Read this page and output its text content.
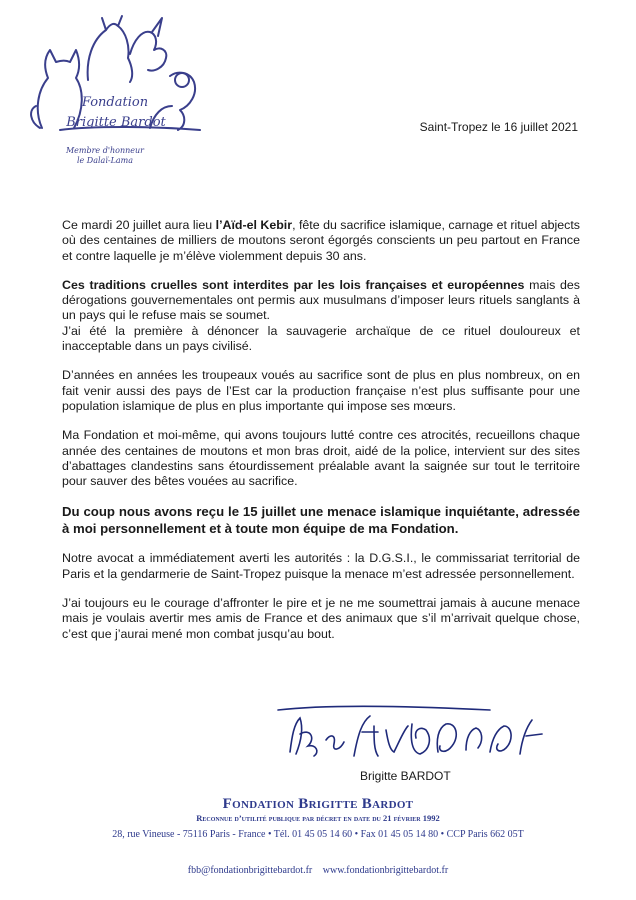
Fondation
Brigitte Bardot
Membre d'honneur
le Dalaï-Lama
Saint-Tropez le 16 juillet 2021

Ce mardi 20 juillet aura lieu l’Aïd-el Kebir, fête du sacrifice islamique, carnage et rituel abjects où des centaines de milliers de moutons seront égorgés conscients un peu partout en France et contre laquelle je m’élève violemment depuis 30 ans.

Ces traditions cruelles sont interdites par les lois françaises et européennes mais des dérogations gouvernementales ont permis aux musulmans d’imposer leurs rituels sanglants à un pays qui le refuse mais se soumet.

J’ai été la première à dénoncer la sauvagerie archaïque de ce rituel douloureux et inacceptable dans un pays civilisé.

D’années en années les troupeaux voués au sacrifice sont de plus en plus nombreux, on en fait venir aussi des pays de l’Est car la production française n’est plus suffisante pour une population islamique de plus en plus importante qui impose ses mœurs.

Ma Fondation et moi-même, qui avons toujours lutté contre ces atrocités, recueillons chaque année des centaines de moutons et mon bras droit, aidé de la police, intervient sur des sites d’abattages clandestins sans étourdissement préalable avant la saignée sur tout le territoire pour sauver des bêtes vouées au sacrifice.

Du coup nous avons reçu le 15 juillet une menace islamique inquiétante, adressée à moi personnellement et à toute mon équipe de ma Fondation.

Notre avocat a immédiatement averti les autorités : la D.G.S.I., le commissariat territorial de Paris et la gendarmerie de Saint-Tropez puisque la menace m’est adressée personnellement.

J’ai toujours eu le courage d’affronter le pire et je ne me soumettrai jamais à aucune menace mais je voulais avertir mes amis de France et des animaux que s’il m’arrivait quelque chose, c’est que j’aurai mené mon combat jusqu’au bout.

Brigitte BARDOT
Fondation Brigitte Bardot
Reconnue d’utilité publique par décret en date du 21 février 1992
28, rue Vineuse - 75116 Paris - France • Tél. 01 45 05 14 60 • Fax 01 45 05 14 80 • CCP Paris 662 05T
fbb@fondationbrigittebardot.fr www.fondationbrigittebardot.fr
